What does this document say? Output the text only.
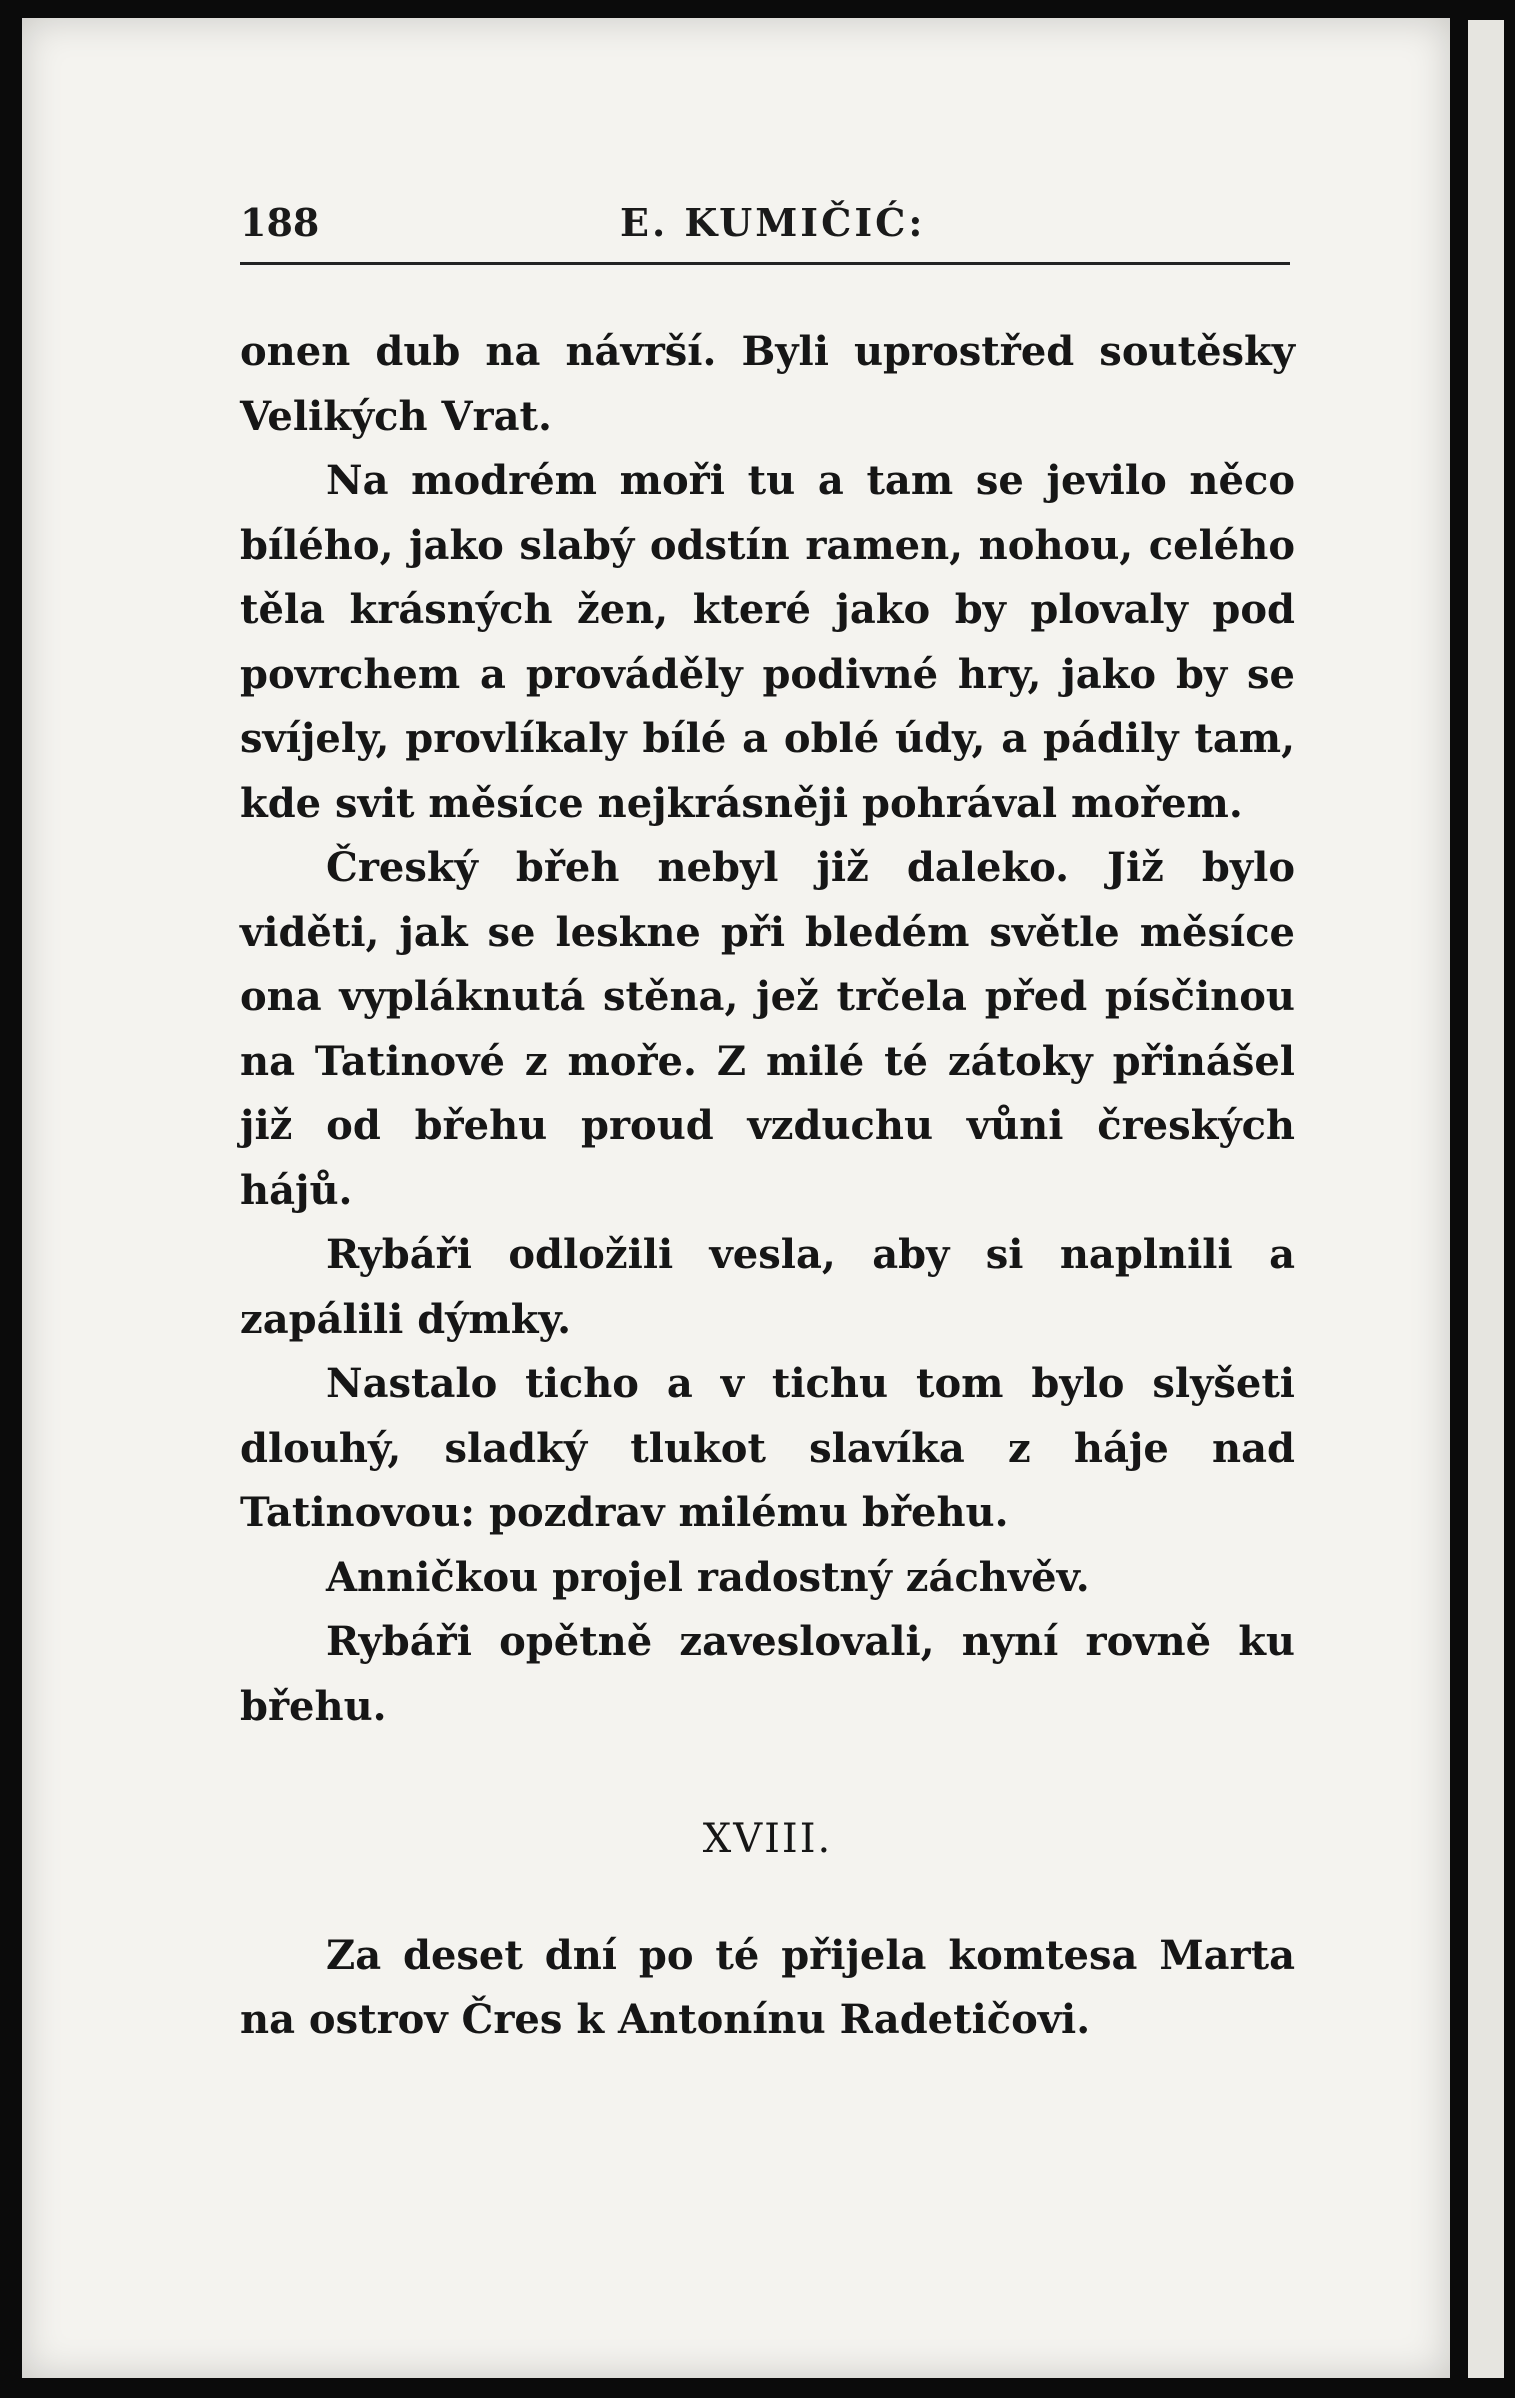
188	E. KUMIČIĆ:

onen dub na návrší. Byli uprostřed soutěsky Velikých Vrat.

Na modrém moři tu a tam se jevilo něco bílého, jako slabý odstín ramen, nohou, celého těla krásných žen, které jako by plovaly pod povrchem a prováděly podivné hry, jako by se svíjely, provlíkaly bílé a oblé údy, a pádily tam, kde svit měsíce nejkrásněji pohrával mořem.

Čreský břeh nebyl již daleko. Již bylo viděti, jak se leskne při bledém světle měsíce ona vypláknutá stěna, jež trčela před písčinou na Tatinové z moře. Z milé té zátoky přinášel již od břehu proud vzduchu vůni čreských hájů.

Rybáři odložili vesla, aby si naplnili a zapálili dýmky.

Nastalo ticho a v tichu tom bylo slyšeti dlouhý, sladký tlukot slavíka z háje nad Tatinovou: pozdrav milému břehu.

Anničkou projel radostný záchvěv.

Rybáři opětně zaveslovali, nyní rovně ku břehu.

XVIII.

Za deset dní po té přijela komtesa Marta na ostrov Čres k Antonínu Radetičovi.
